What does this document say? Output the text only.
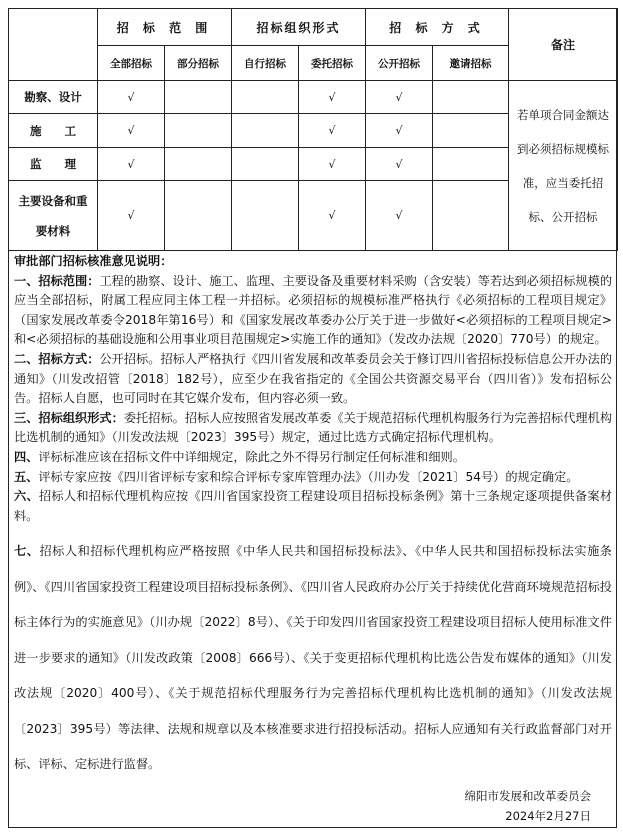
	招 标 范 围		招标组织形式		招 标 方 式		备注
	全部招标	部分招标	自行招标	委托招标	公开招标	邀请招标	
勘察、设计	√			√	√		若单项合同金额达到必须招标规模标准，应当委托招标、公开招标
施　　工	√			√	√		
监　　理	√			√	√		
主要设备和重要材料	√			√	√		

审批部门招标核准意见说明：

一、招标范围：工程的勘察、设计、施工、监理、主要设备及重要材料采购（含安装）等若达到必须招标规模的应当全部招标，附属工程应同主体工程一并招标。必须招标的规模标准严格执行《必须招标的工程项目规定》（国家发展改革委令2018年第16号）和《国家发展改革委办公厅关于进一步做好<必须招标的工程项目规定>和<必须招标的基础设施和公用事业项目范围规定>实施工作的通知》（发改办法规〔2020〕770号）的规定。

二、招标方式：公开招标。招标人严格执行《四川省发展和改革委员会关于修订四川省招标投标信息公开办法的通知》（川发改招管〔2018〕182号），应至少在我省指定的《全国公共资源交易平台（四川省）》发布招标公告。招标人自愿，也可同时在其它媒介发布，但内容必须一致。

三、招标组织形式：委托招标。招标人应按照省发展改革委《关于规范招标代理机构服务行为完善招标代理机构比选机制的通知》（川发改法规〔2023〕395号）规定，通过比选方式确定招标代理机构。

四、评标标准应该在招标文件中详细规定，除此之外不得另行制定任何标准和细则。

五、评标专家应按《四川省评标专家和综合评标专家库管理办法》（川办发〔2021〕54号）的规定确定。

六、招标人和招标代理机构应按《四川省国家投资工程建设项目招标投标条例》第十三条规定逐项提供备案材料。

七、招标人和招标代理机构应严格按照《中华人民共和国招标投标法》、《中华人民共和国招标投标法实施条例》、《四川省国家投资工程建设项目招标投标条例》、《四川省人民政府办公厅关于持续优化营商环境规范招标投标主体行为的实施意见》（川办规〔2022〕8号）、《关于印发四川省国家投资工程建设项目招标人使用标准文件进一步要求的通知》（川发改政策〔2008〕666号）、《关于变更招标代理机构比选公告发布媒体的通知》（川发改法规〔2020〕400号）、《关于规范招标代理服务行为完善招标代理机构比选机制的通知》（川发改法规〔2023〕395号）等法律、法规和规章以及本核准要求进行招投标活动。招标人应通知有关行政监督部门对开标、评标、定标进行监督。

绵阳市发展和改革委员会
2024年2月27日
